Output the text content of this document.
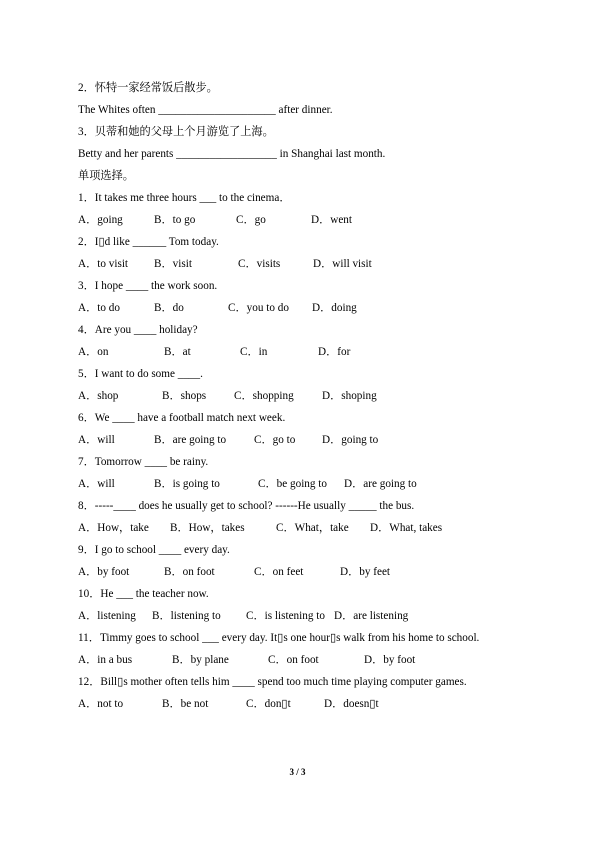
2．怀特一家经常饭后散步。
The Whites often _____________________ after dinner.
3．贝蒂和她的父母上个月游览了上海。
Betty and her parents __________________ in Shanghai last month.
单项选择。
1．It takes me three hours ___ to the cinema．
A．going	B．to go	C．go	D．went
2．I▯d like ______ Tom today.
A．to visit B．visit	C．visits	D．will visit
3．I hope ____ the work soon.
A．to do	B．do	C．you to do D．doing
4．Are you ____ holiday?
A．on	B．at	C．in	D．for
5．I want to do some ____.
A．shop	B．shops C．shopping	D．shoping
6．We ____ have a football match next week.
A．will	B．are going to C．go to D．going to
7．Tomorrow ____ be rainy.
A．will	B．is going to	C．be going to D．are going to
8．-----____ does he usually get to school? ------He usually _____ the bus.
A．How，take B．How，takes	C．What，take D．What, takes
9．I go to school ____ every day.
A．by foot	B．on foot	C．on feet	D．by feet
10．He ___ the teacher now.
A．listening B．listening to C．is listening to D．are listening
11．Timmy goes to school ___ every day. It▯s one hour▯s walk from his home to school.
A．in a bus	B．by plane	C．on foot	D．by foot
12．Bill▯s mother often tells him ____ spend too much time playing computer games.
A．not to	B．be not	C．don▯t	D．doesn▯t
3 / 3
